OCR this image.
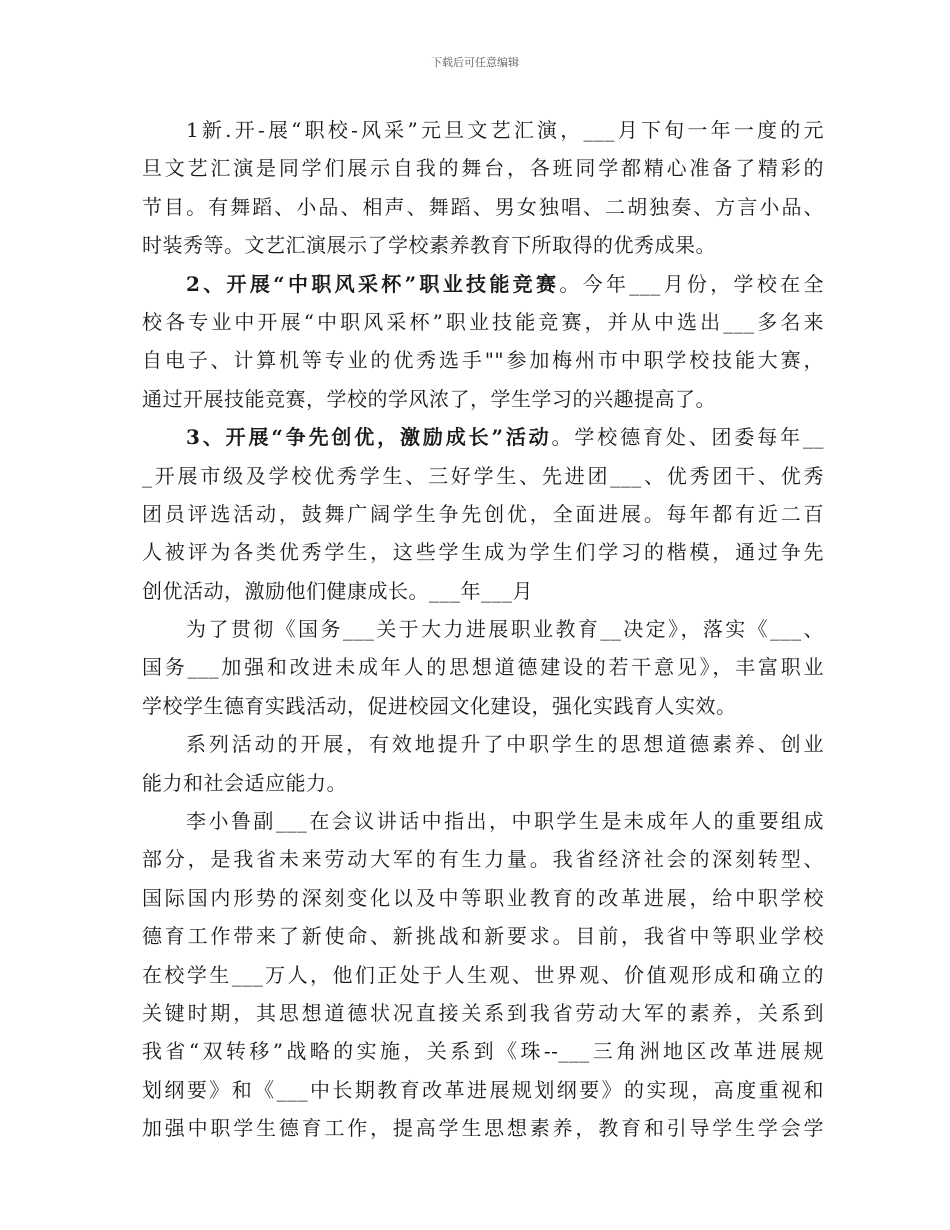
下载后可任意编辑
1新.开-展“职校-风采”元旦文艺汇演，___月下旬一年一度的元
旦文艺汇演是同学们展示自我的舞台，各班同学都精心准备了精彩的
节目。有舞蹈、小品、相声、舞蹈、男女独唱、二胡独奏、方言小品、
时装秀等。文艺汇演展示了学校素养教育下所取得的优秀成果。
2、开展“中职风采杯”职业技能竞赛。今年___月份，学校在全
校各专业中开展“中职风采杯”职业技能竞赛，并从中选出___多名来
自电子、计算机等专业的优秀选手""参加梅州市中职学校技能大赛，
通过开展技能竞赛，学校的学风浓了，学生学习的兴趣提高了。
3、开展“争先创优，激励成长”活动。学校德育处、团委每年__
_开展市级及学校优秀学生、三好学生、先进团___、优秀团干、优秀
团员评选活动，鼓舞广阔学生争先创优，全面进展。每年都有近二百
人被评为各类优秀学生，这些学生成为学生们学习的楷模，通过争先
创优活动，激励他们健康成长。___年___月
为了贯彻《国务___关于大力进展职业教育__决定》，落实《___、
国务___加强和改进未成年人的思想道德建设的若干意见》，丰富职业
学校学生德育实践活动，促进校园文化建设，强化实践育人实效。
系列活动的开展，有效地提升了中职学生的思想道德素养、创业
能力和社会适应能力。
李小鲁副___在会议讲话中指出，中职学生是未成年人的重要组成
部分，是我省未来劳动大军的有生力量。我省经济社会的深刻转型、
国际国内形势的深刻变化以及中等职业教育的改革进展，给中职学校
德育工作带来了新使命、新挑战和新要求。目前，我省中等职业学校
在校学生___万人，他们正处于人生观、世界观、价值观形成和确立的
关键时期，其思想道德状况直接关系到我省劳动大军的素养，关系到
我省“双转移”战略的实施，关系到《珠--___三角洲地区改革进展规
划纲要》和《___中长期教育改革进展规划纲要》的实现，高度重视和
加强中职学生德育工作，提高学生思想素养，教育和引导学生学会学
